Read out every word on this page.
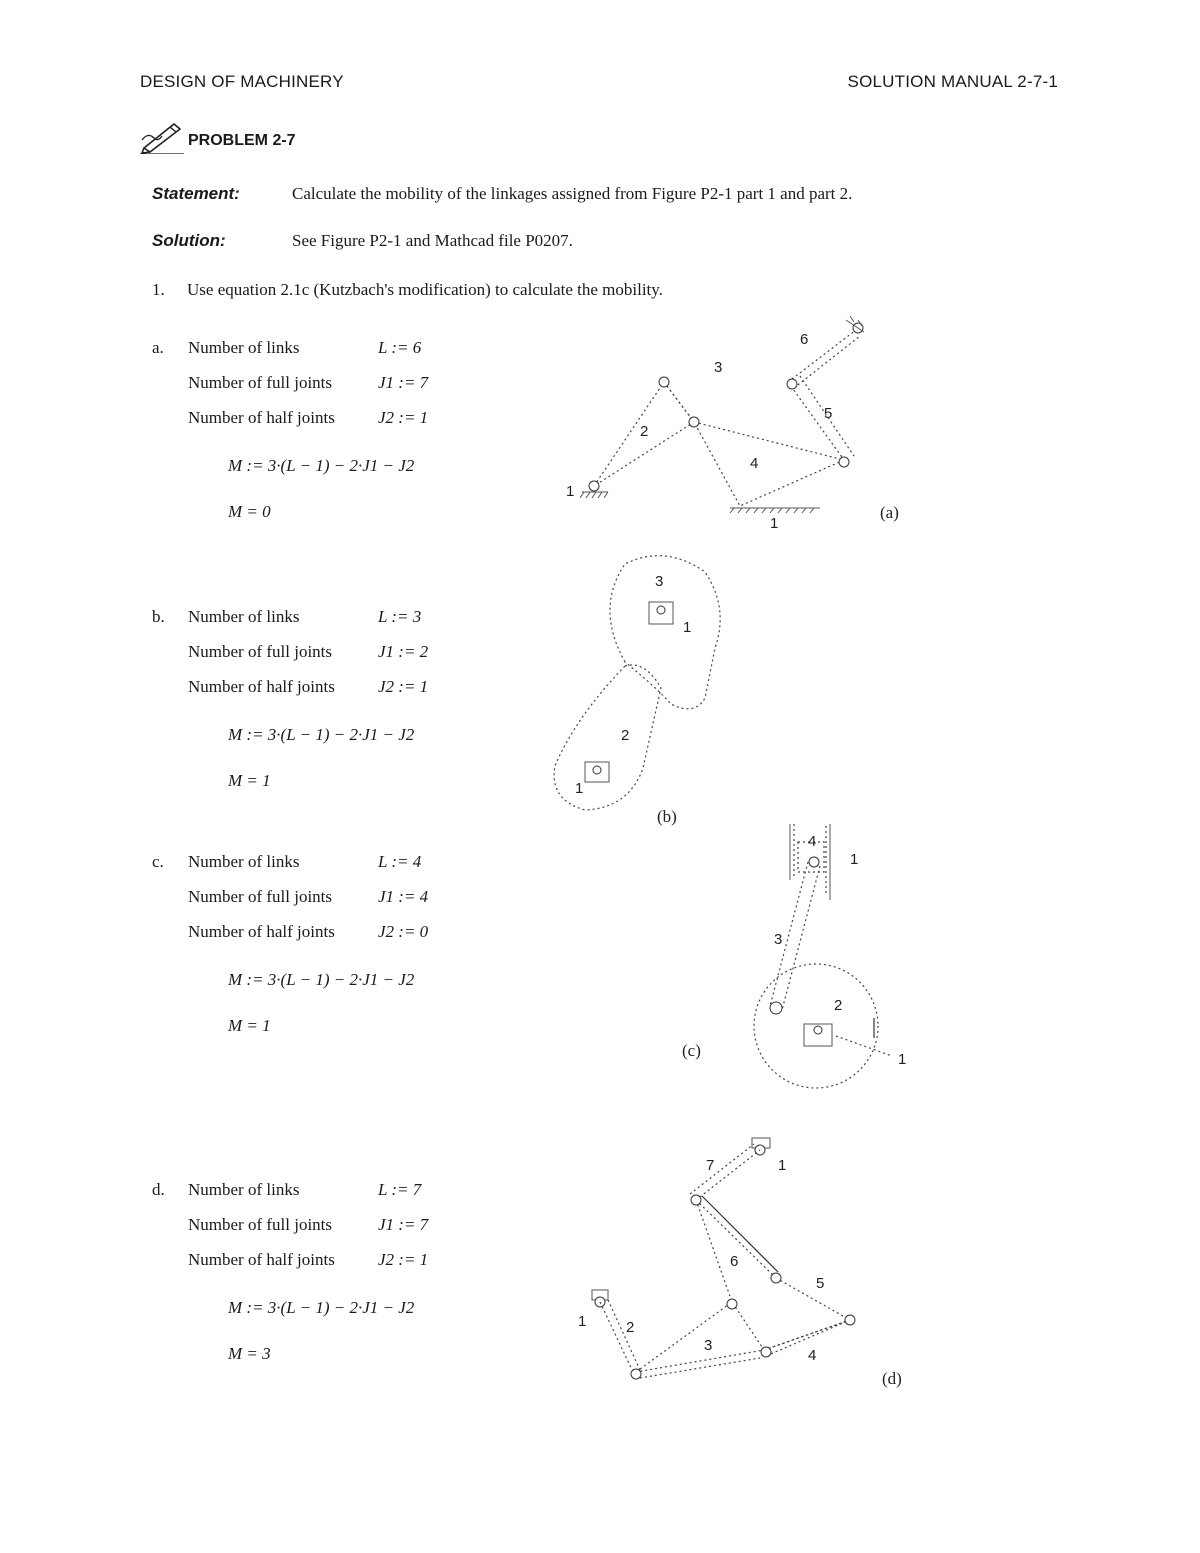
DESIGN OF MACHINERY	SOLUTION MANUAL 2-7-1
PROBLEM 2-7
Statement:	Calculate the mobility of the linkages assigned from Figure P2-1 part 1 and part 2.
Solution:	See Figure P2-1 and Mathcad file P0207.
1. Use equation 2.1c (Kutzbach's modification) to calculate the mobility.
a. Number of links	L := 6
Number of full joints	J1 := 7
Number of half joints	J2 := 1
M := 3·(L − 1) − 2·J1 − J2
M = 0
b. Number of links	L := 3
Number of full joints	J1 := 2
Number of half joints	J2 := 1
M := 3·(L − 1) − 2·J1 − J2
M = 1
c. Number of links	L := 4
Number of full joints	J1 := 4
Number of half joints	J2 := 0
M := 3·(L − 1) − 2·J1 − J2
M = 1
d. Number of links	L := 7
Number of full joints	J1 := 7
Number of half joints	J2 := 1
M := 3·(L − 1) − 2·J1 − J2
M = 3
1
1
2
3
4
5
6
(a)
3
1
2
1
(b)
4
1
3
2
1
(c)
1
1
2
3
4
5
6
7
(d)
